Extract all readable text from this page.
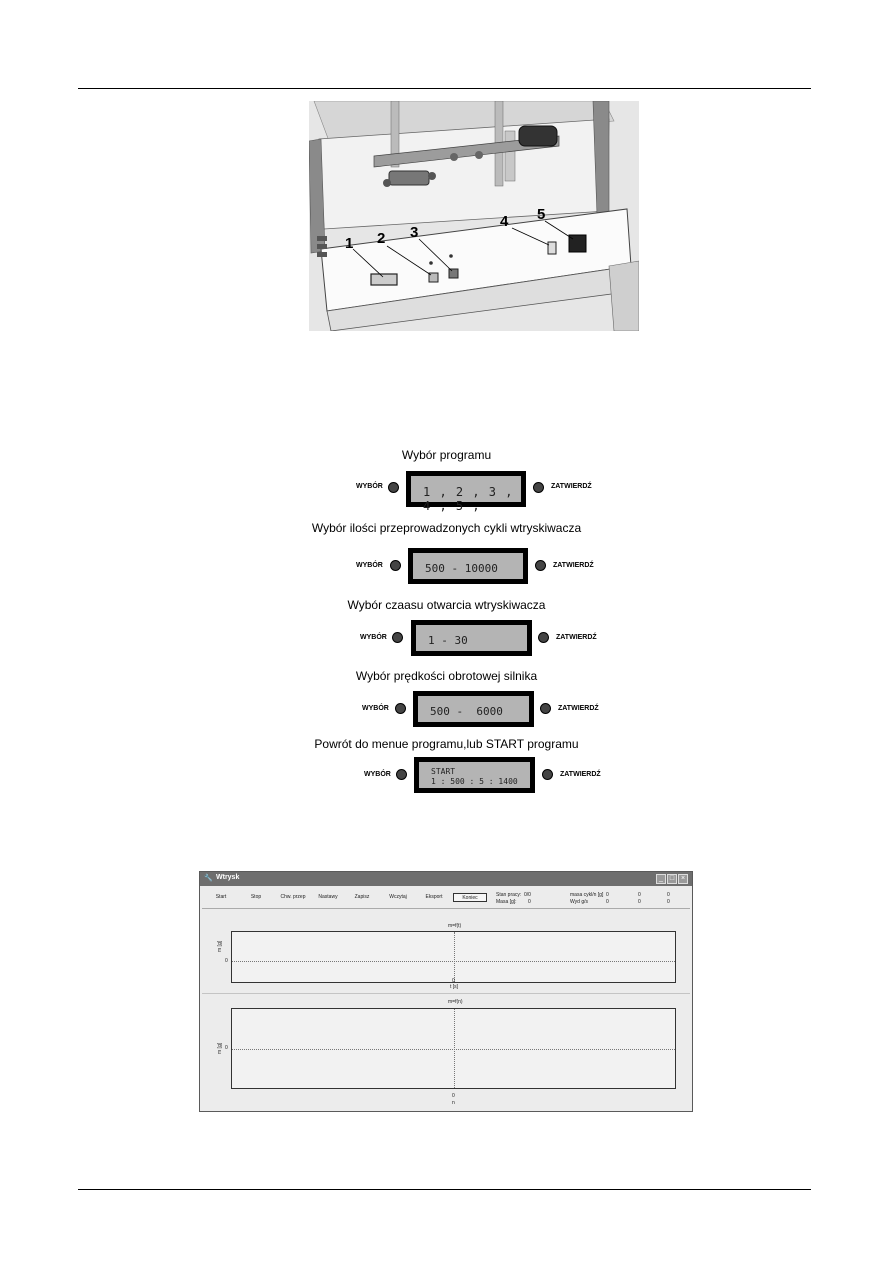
1 2 3
4 5
Wybór programu
WYBÓR	1 , 2 , 3 , 4 , 5 ,
ZATWIERDŹ
Wybór ilości przeprowadzonych cykli wtryskiwacza
WYBÓR	500 - 10000	ZATWIERDŹ
Wybór czaasu otwarcia wtryskiwacza
WYBÓR	1 - 30	ZATWIERDŹ
Wybór prędkości obrotowej silnika
WYBÓR	500 -  6000	ZATWIERDŹ
Powrót do menue programu,lub START programu
WYBÓR	START
1 : 500 : 5 : 1400
ZATWIERDŹ
🔧 Wtrysk	_ □ ×
Start	Stop	Chw. przep	Nastawy	Zapisz	Wczytaj	Eksport	Koniec	Stan pracy: 0/0
Masa [g]: 0
masa cykl/n [g] 0	0	0
Wyd g/s	0	0	0
m=f(t)
m [g]
0
0
t [s]
m=f(n)
m [g] 0
0
n
